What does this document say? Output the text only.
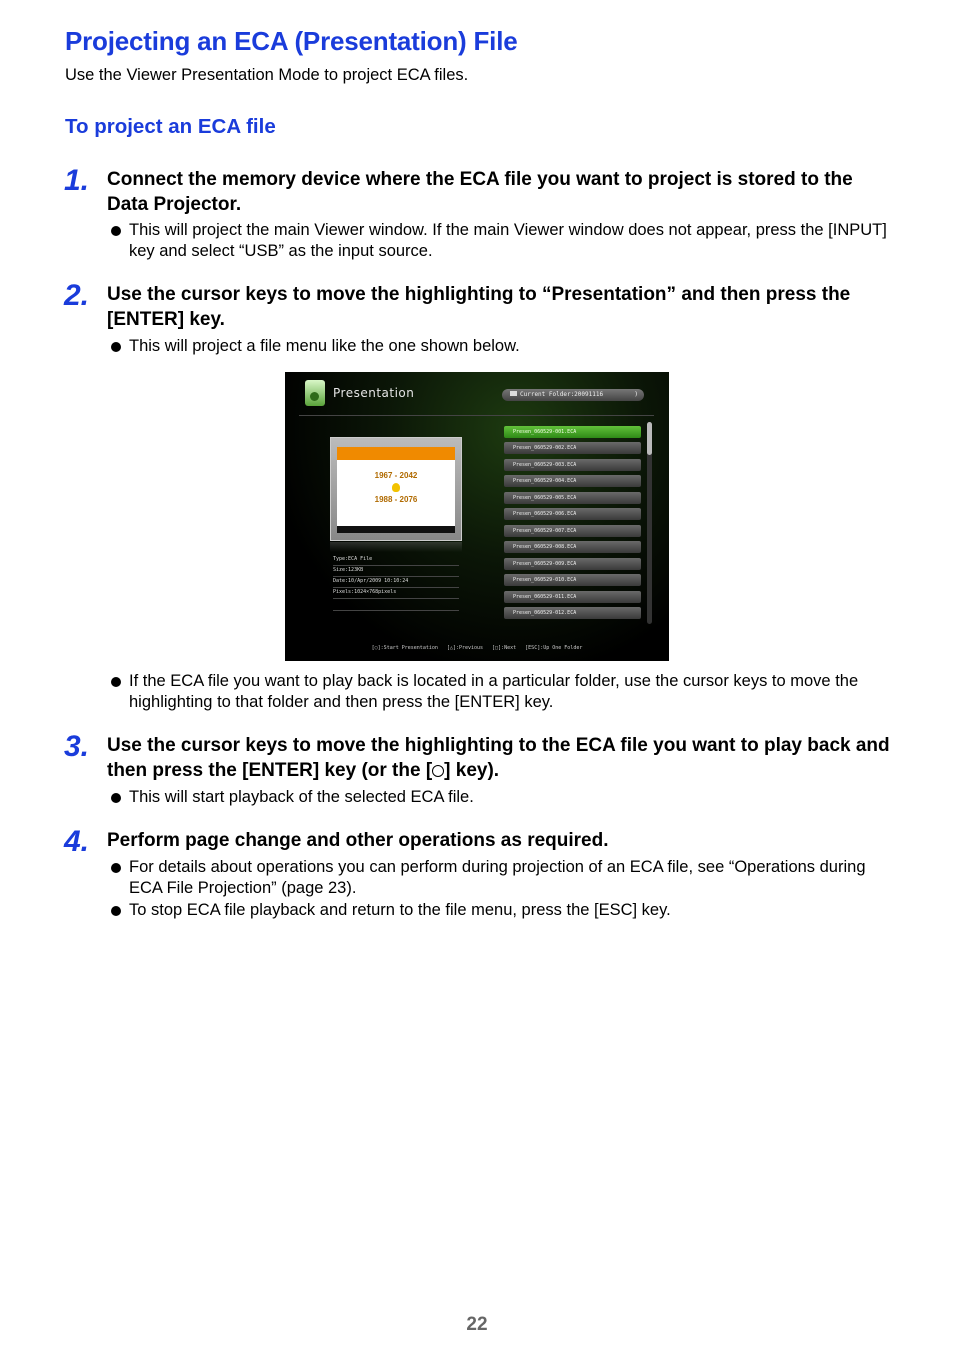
Projecting an ECA (Presentation) File
Use the Viewer Presentation Mode to project ECA files.
To project an ECA file
1. Connect the memory device where the ECA file you want to project is stored to the Data Projector.
This will project the main Viewer window. If the main Viewer window does not appear, press the [INPUT] key and select “USB” as the input source.
2. Use the cursor keys to move the highlighting to “Presentation” and then press the [ENTER] key.
This will project a file menu like the one shown below.
Presentation	Current Folder:20091116	)
1967 - 2042
1988 - 2076
Type:ECA File
Size:123KB
Date:10/Apr/2009 10:10:24
Pixels:1024×768pixels
Presen_060529-001.ECA
Presen_060529-002.ECA
Presen_060529-003.ECA
Presen_060529-004.ECA
Presen_060529-005.ECA
Presen_060529-006.ECA
Presen_060529-007.ECA
Presen_060529-008.ECA
Presen_060529-009.ECA
Presen_060529-010.ECA
Presen_060529-011.ECA
Presen_060529-012.ECA
[○]:Start Presentation   [△]:Previous   [□]:Next   [ESC]:Up One Folder
If the ECA file you want to play back is located in a particular folder, use the cursor keys to move the highlighting to that folder and then press the [ENTER] key.
3. Use the cursor keys to move the highlighting to the ECA file you want to play back and then press the [ENTER] key (or the [ ] key).
This will start playback of the selected ECA file.
4. Perform page change and other operations as required.
For details about operations you can perform during projection of an ECA file, see “Operations during ECA File Projection” (page 23).
To stop ECA file playback and return to the file menu, press the [ESC] key.
22
